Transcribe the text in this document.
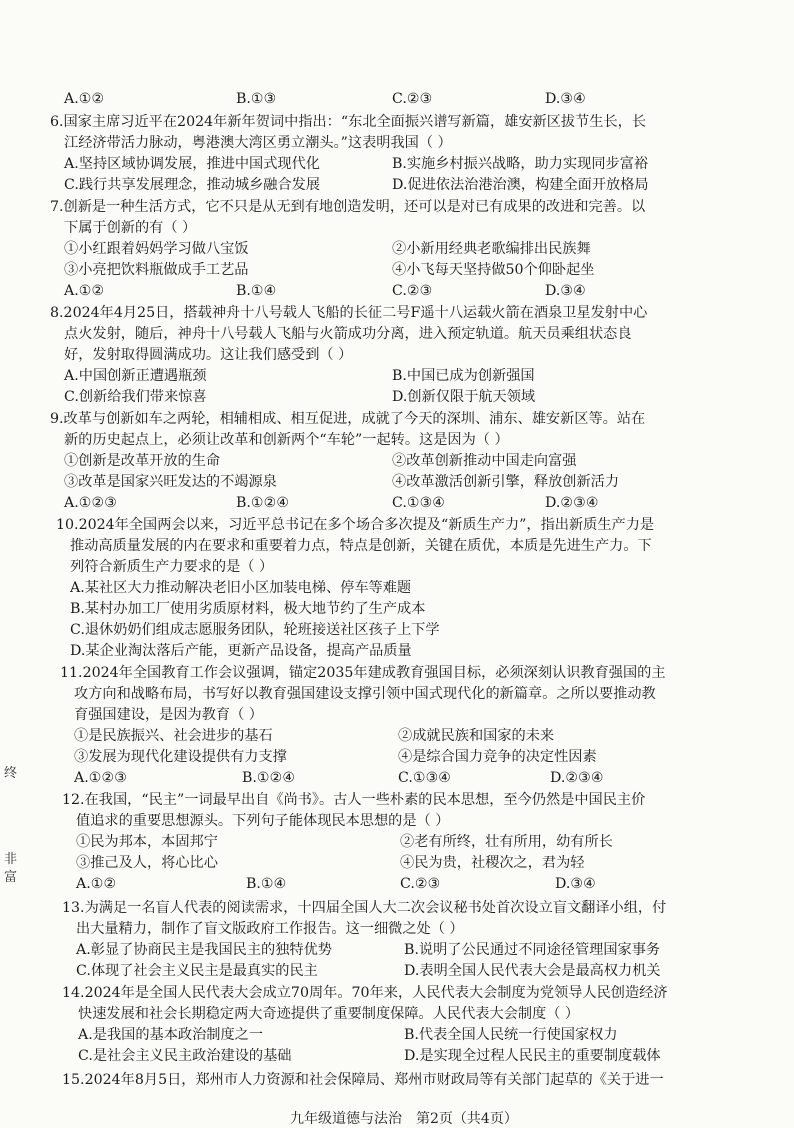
A.①②	B.①③	C.②③	D.③④
6.国家主席习近平在2024年新年贺词中指出：“东北全面振兴谱写新篇，雄安新区拔节生长，长
江经济带活力脉动，粤港澳大湾区勇立潮头。”这表明我国（ ）
A.坚持区域协调发展，推进中国式现代化	B.实施乡村振兴战略，助力实现同步富裕
C.践行共享发展理念，推动城乡融合发展	D.促进依法治港治澳，构建全面开放格局
7.创新是一种生活方式，它不只是从无到有地创造发明，还可以是对已有成果的改进和完善。以
下属于创新的有（ ）
①小红跟着妈妈学习做八宝饭	②小新用经典老歌编排出民族舞
③小亮把饮料瓶做成手工艺品	④小飞每天坚持做50个仰卧起坐
A.①②	B.①④	C.②③	D.③④
8.2024年4月25日，搭载神舟十八号载人飞船的长征二号F遥十八运载火箭在酒泉卫星发射中心
点火发射，随后，神舟十八号载人飞船与火箭成功分离，进入预定轨道。航天员乘组状态良
好，发射取得圆满成功。这让我们感受到（ ）
A.中国创新正遭遇瓶颈	B.中国已成为创新强国
C.创新给我们带来惊喜	D.创新仅限于航天领域
9.改革与创新如车之两轮，相辅相成、相互促进，成就了今天的深圳、浦东、雄安新区等。站在
新的历史起点上，必须让改革和创新两个“车轮”一起转。这是因为（ ）
①创新是改革开放的生命	②改革创新推动中国走向富强
③改革是国家兴旺发达的不竭源泉	④改革激活创新引擎，释放创新活力
A.①②③	B.①②④	C.①③④	D.②③④
10.2024年全国两会以来，习近平总书记在多个场合多次提及“新质生产力”，指出新质生产力是
推动高质量发展的内在要求和重要着力点，特点是创新，关键在质优，本质是先进生产力。下
列符合新质生产力要求的是（ ）
A.某社区大力推动解决老旧小区加装电梯、停车等难题
B.某村办加工厂使用劣质原材料，极大地节约了生产成本
C.退休奶奶们组成志愿服务团队，轮班接送社区孩子上下学
D.某企业淘汰落后产能，更新产品设备，提高产品质量
11.2024年全国教育工作会议强调，锚定2035年建成教育强国目标，必须深刻认识教育强国的主
攻方向和战略布局，书写好以教育强国建设支撑引领中国式现代化的新篇章。之所以要推动教
育强国建设，是因为教育（ ）
①是民族振兴、社会进步的基石	②成就民族和国家的未来
③发展为现代化建设提供有力支撑	④是综合国力竞争的决定性因素
A.①②③	B.①②④	C.①③④	D.②③④
12.在我国，“民主”一词最早出自《尚书》。古人一些朴素的民本思想，至今仍然是中国民主价
值追求的重要思想源头。下列句子能体现民本思想的是（ ）
①民为邦本，本固邦宁	②老有所终，壮有所用，幼有所长
③推己及人，将心比心	④民为贵，社稷次之，君为轻
A.①②	B.①④	C.②③	D.③④
13.为满足一名盲人代表的阅读需求，十四届全国人大二次会议秘书处首次设立盲文翻译小组，付
出大量精力，制作了盲文版政府工作报告。这一细微之处（ ）
A.彰显了协商民主是我国民主的独特优势	B.说明了公民通过不同途径管理国家事务
C.体现了社会主义民主是最真实的民主	D.表明全国人民代表大会是最高权力机关
14.2024年是全国人民代表大会成立70周年。70年来，人民代表大会制度为党领导人民创造经济
快速发展和社会长期稳定两大奇迹提供了重要制度保障。人民代表大会制度（ ）
A.是我国的基本政治制度之一	B.代表全国人民统一行使国家权力
C.是社会主义民主政治建设的基础	D.是实现全过程人民民主的重要制度载体
15.2024年8月5日，郑州市人力资源和社会保障局、郑州市财政局等有关部门起草的《关于进一
终
非
富
九年级道德与法治　第2页（共4页）
